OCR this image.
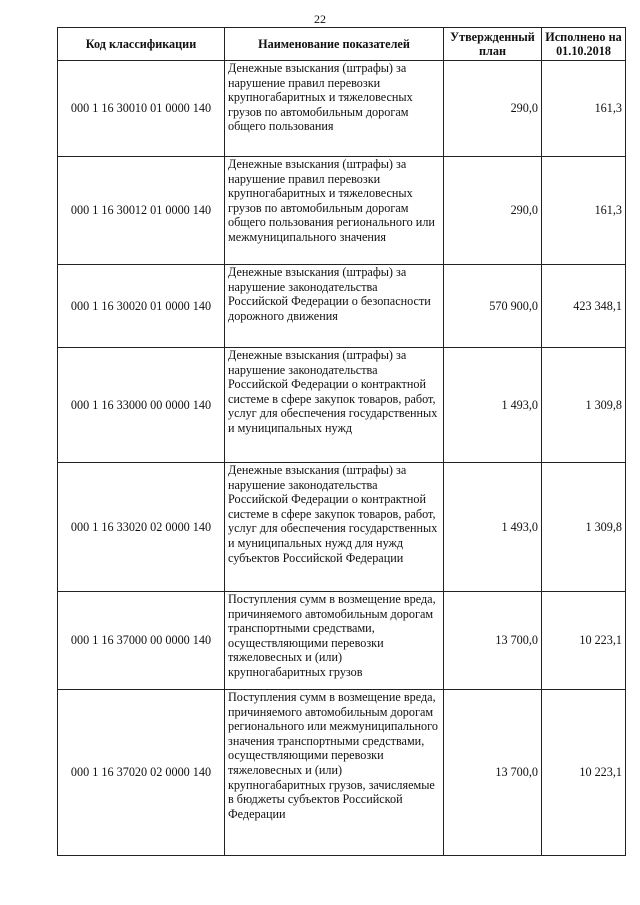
22
Код классификации	Наименование показателей	Утвержденный план	Исполнено на 01.10.2018
000 1 16 30010 01 0000 140	Денежные взыскания (штрафы) за нарушение правил перевозки крупногабаритных и тяжеловесных грузов по автомобильным дорогам общего пользования	290,0	161,3
000 1 16 30012 01 0000 140	Денежные взыскания (штрафы) за нарушение правил перевозки крупногабаритных и тяжеловесных грузов по автомобильным дорогам общего пользования регионального или межмуниципального значения	290,0	161,3
000 1 16 30020 01 0000 140	Денежные взыскания (штрафы) за нарушение законодательства Российской Федерации о безопасности дорожного движения	570 900,0	423 348,1
000 1 16 33000 00 0000 140	Денежные взыскания (штрафы) за нарушение законодательства Российской Федерации о контрактной системе в сфере закупок товаров, работ, услуг для обеспечения государственных и муниципальных нужд	1 493,0	1 309,8
000 1 16 33020 02 0000 140	Денежные взыскания (штрафы) за нарушение законодательства Российской Федерации о контрактной системе в сфере закупок товаров, работ, услуг для обеспечения государственных и муниципальных нужд для нужд субъектов Российской Федерации	1 493,0	1 309,8
000 1 16 37000 00 0000 140	Поступления сумм в возмещение вреда, причиняемого автомобильным дорогам транспортными средствами, осуществляющими перевозки тяжеловесных и (или) крупногабаритных грузов	13 700,0	10 223,1
000 1 16 37020 02 0000 140	Поступления сумм в возмещение вреда, причиняемого автомобильным дорогам регионального или межмуниципального значения транспортными средствами, осуществляющими перевозки тяжеловесных и (или) крупногабаритных грузов, зачисляемые в бюджеты субъектов Российской Федерации	13 700,0	10 223,1
